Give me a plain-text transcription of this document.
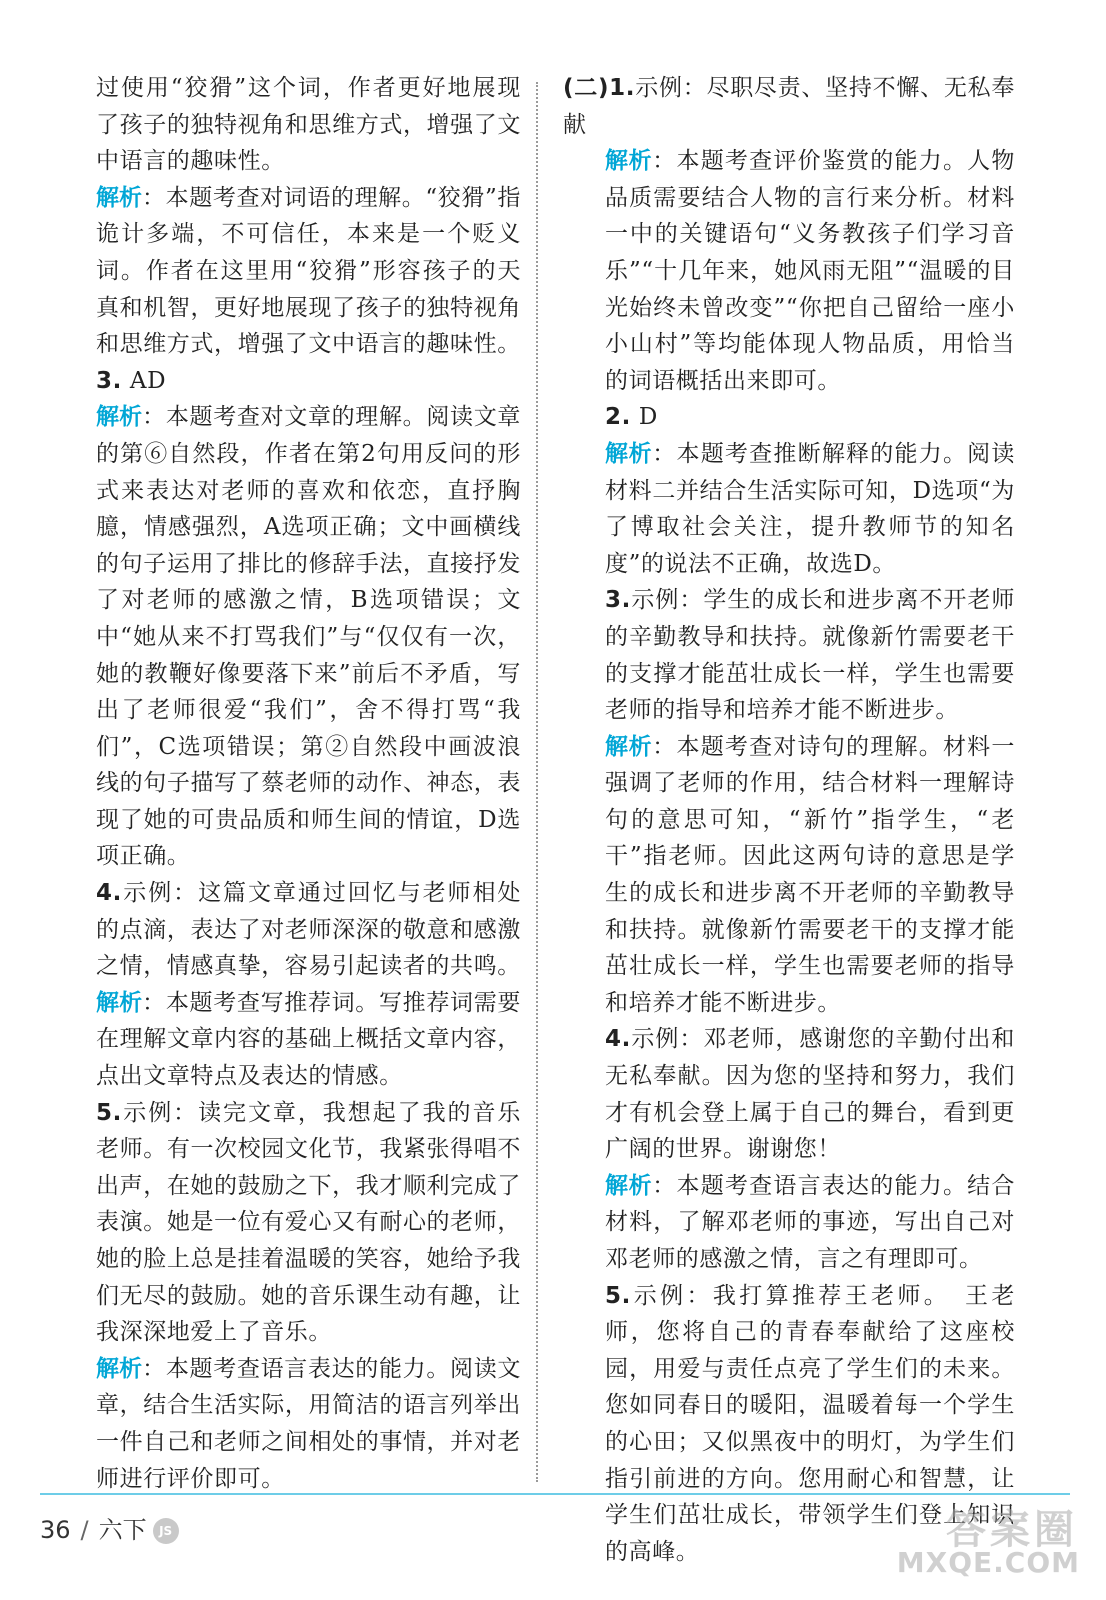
过使用“狡猾”这个词，作者更好地展现了孩子的独特视角和思维方式，增强了文中语言的趣味性。

解析：本题考查对词语的理解。“狡猾”指诡计多端，不可信任，本来是一个贬义词。作者在这里用“狡猾”形容孩子的天真和机智，更好地展现了孩子的独特视角和思维方式，增强了文中语言的趣味性。

3. AD

解析：本题考查对文章的理解。阅读文章的第⑥自然段，作者在第2句用反问的形式来表达对老师的喜欢和依恋，直抒胸臆，情感强烈，A选项正确；文中画横线的句子运用了排比的修辞手法，直接抒发了对老师的感激之情，B选项错误；文中“她从来不打骂我们”与“仅仅有一次，她的教鞭好像要落下来”前后不矛盾，写出了老师很爱“我们”，舍不得打骂“我们”，C选项错误；第②自然段中画波浪线的句子描写了蔡老师的动作、神态，表现了她的可贵品质和师生间的情谊，D选项正确。

4.示例：这篇文章通过回忆与老师相处的点滴，表达了对老师深深的敬意和感激之情，情感真挚，容易引起读者的共鸣。

解析：本题考查写推荐词。写推荐词需要在理解文章内容的基础上概括文章内容，点出文章特点及表达的情感。

5.示例：读完文章，我想起了我的音乐老师。有一次校园文化节，我紧张得唱不出声，在她的鼓励之下，我才顺利完成了表演。她是一位有爱心又有耐心的老师，她的脸上总是挂着温暖的笑容，她给予我们无尽的鼓励。她的音乐课生动有趣，让我深深地爱上了音乐。

解析：本题考查语言表达的能力。阅读文章，结合生活实际，用简洁的语言列举出一件自己和老师之间相处的事情，并对老师进行评价即可。

(二)1.示例：尽职尽责、坚持不懈、无私奉献

解析：本题考查评价鉴赏的能力。人物品质需要结合人物的言行来分析。材料一中的关键语句“义务教孩子们学习音乐”“十几年来，她风雨无阻”“温暖的目光始终未曾改变”“你把自己留给一座小小山村”等均能体现人物品质，用恰当的词语概括出来即可。

2. D

解析：本题考查推断解释的能力。阅读材料二并结合生活实际可知，D选项“为了博取社会关注，提升教师节的知名度”的说法不正确，故选D。

3.示例：学生的成长和进步离不开老师的辛勤教导和扶持。就像新竹需要老干的支撑才能茁壮成长一样，学生也需要老师的指导和培养才能不断进步。

解析：本题考查对诗句的理解。材料一强调了老师的作用，结合材料一理解诗句的意思可知，“新竹”指学生，“老干”指老师。因此这两句诗的意思是学生的成长和进步离不开老师的辛勤教导和扶持。就像新竹需要老干的支撑才能茁壮成长一样，学生也需要老师的指导和培养才能不断进步。

4.示例：邓老师，感谢您的辛勤付出和无私奉献。因为您的坚持和努力，我们才有机会登上属于自己的舞台，看到更广阔的世界。谢谢您！

解析：本题考查语言表达的能力。结合材料，了解邓老师的事迹，写出自己对邓老师的感激之情，言之有理即可。

5.示例：我打算推荐王老师。　王老师，您将自己的青春奉献给了这座校园，用爱与责任点亮了学生们的未来。您如同春日的暖阳，温暖着每一个学生的心田；又似黑夜中的明灯，为学生们指引前进的方向。您用耐心和智慧，让学生们茁壮成长，带领学生们登上知识的高峰。

36 / 六下 JS	答案圈
MXQE.COM
